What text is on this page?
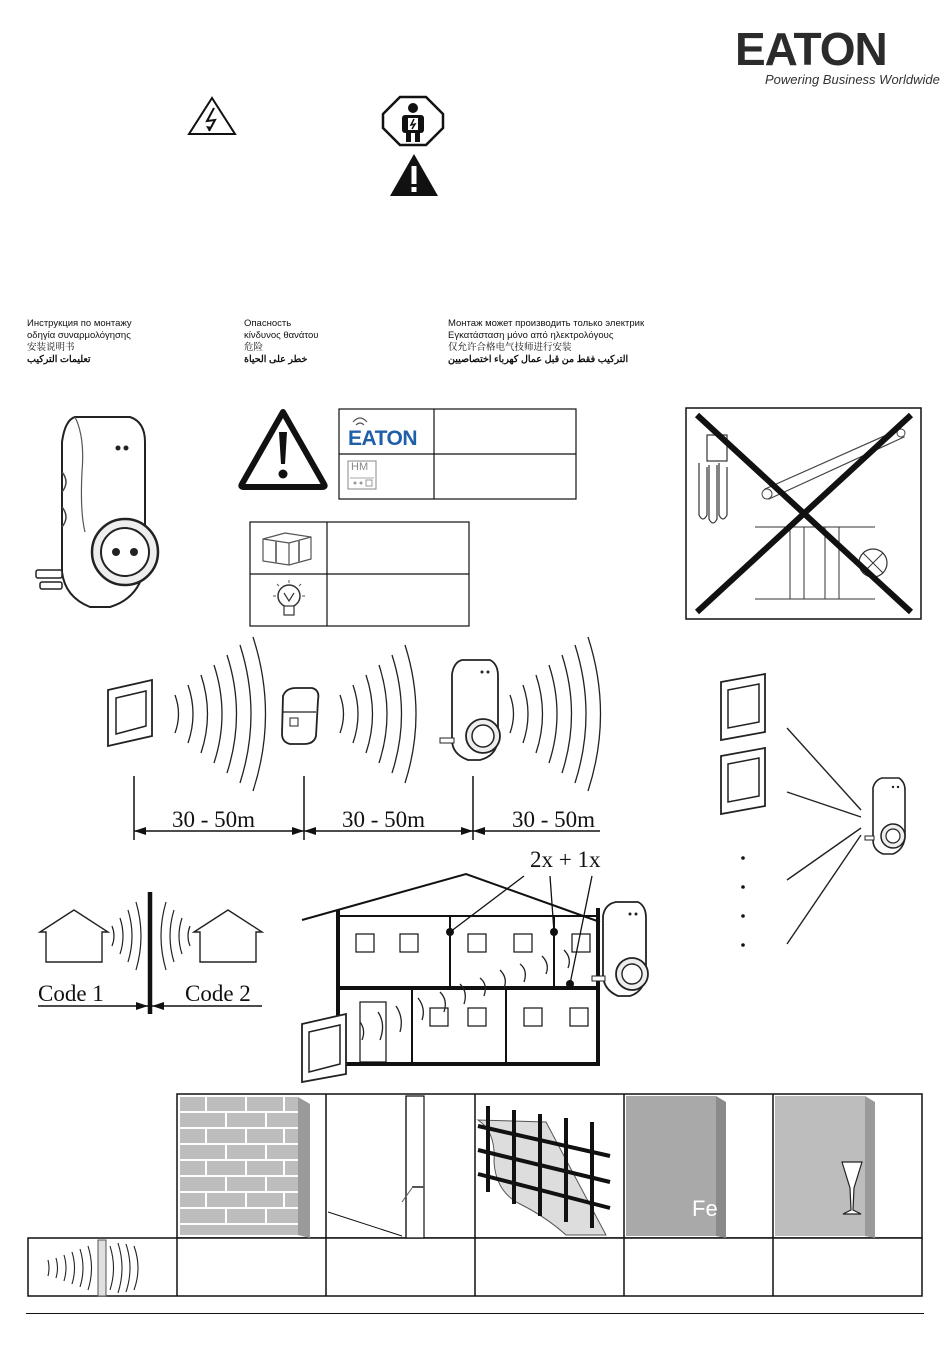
EATON
Powering Business Worldwide
Инструкция по монтажу
οδηγία συναρμολόγησης
安装说明书
تعليمات التركيب
Опасность
κίνδυνος θανάτου
危险
خطر على الحياة
Монтаж может производить только электрик
Εγκατάσταση μόνο από ηλεκτρολόγους
仅允许合格电气技师进行安装
التركيب فقط من قبل عمال كهرباء اختصاصيين
EATON
HM
30 - 50m	30 - 50m	30 - 50m
Code 1	Code 2
2x + 1x
Fe
